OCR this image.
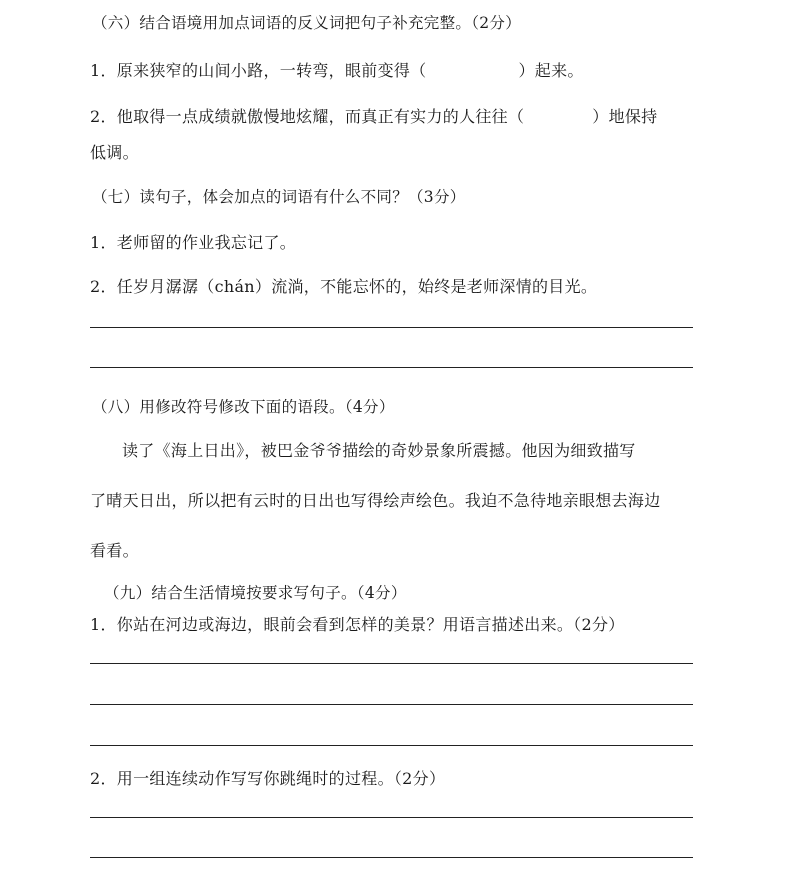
（六）结合语境用加点词语的反义词把句子补充完整。（2分）
1．原来狭窄的山间小路，一转弯，眼前变得（	）起来。
2．他取得一点成绩就傲慢地炫耀，而真正有实力的人往往（	）地保持
低调。
（七）读句子，体会加点的词语有什么不同？（3分）
1．老师留的作业我忘记了。
2．任岁月潺潺（chán）流淌，不能忘怀的，始终是老师深情的目光。
（八）用修改符号修改下面的语段。（4分）
读了《海上日出》，被巴金爷爷描绘的奇妙景象所震撼。他因为细致描写
了晴天日出，所以把有云时的日出也写得绘声绘色。我迫不急待地亲眼想去海边
看看。
（九）结合生活情境按要求写句子。（4分）
1．你站在河边或海边，眼前会看到怎样的美景？用语言描述出来。（2分）
2．用一组连续动作写写你跳绳时的过程。（2分）
